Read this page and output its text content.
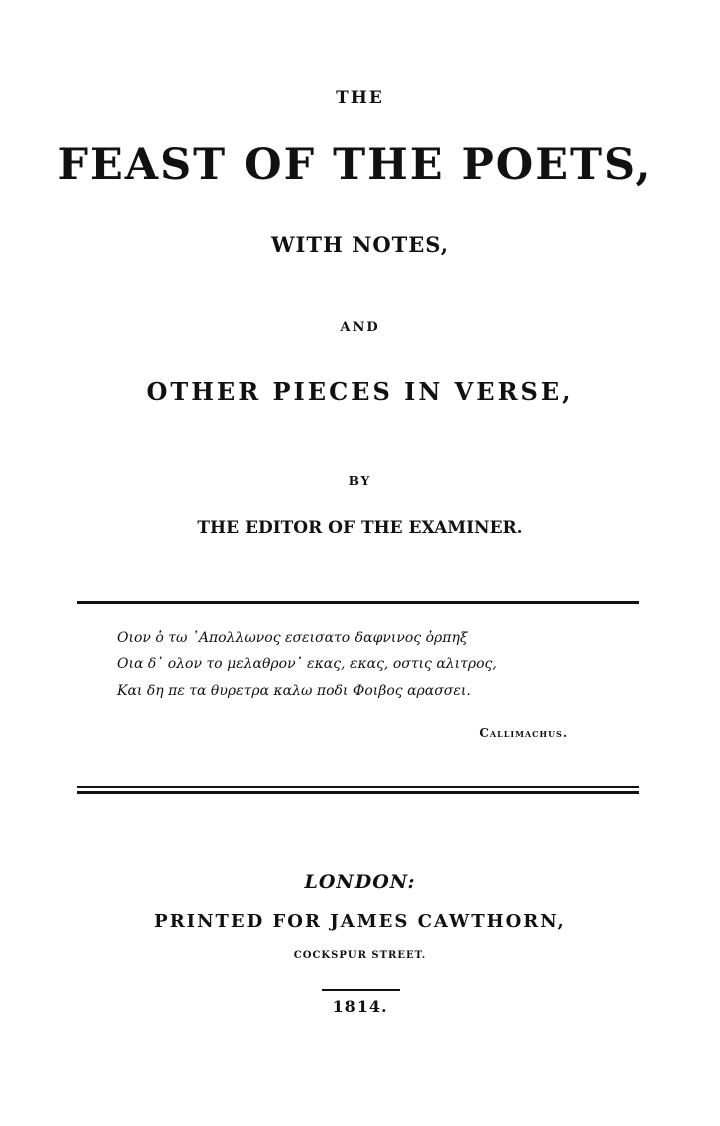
THE
FEAST OF THE POETS,
WITH NOTES,
AND
OTHER PIECES IN VERSE,
BY
THE EDITOR OF THE EXAMINER.
Οιον ὁ τω ᾿Απολλωνος εσεισατο δαφνινος ὁρπηξ
Οια δ᾿ ολον το μελαθρον᾿ εκας, εκας, οστις αλιτρος,
Και δη πε τα θυρετρα καλω ποδι Φοιβος αρασσει.
Callimachus.
LONDON:
PRINTED FOR JAMES CAWTHORN,
COCKSPUR STREET.
1814.
